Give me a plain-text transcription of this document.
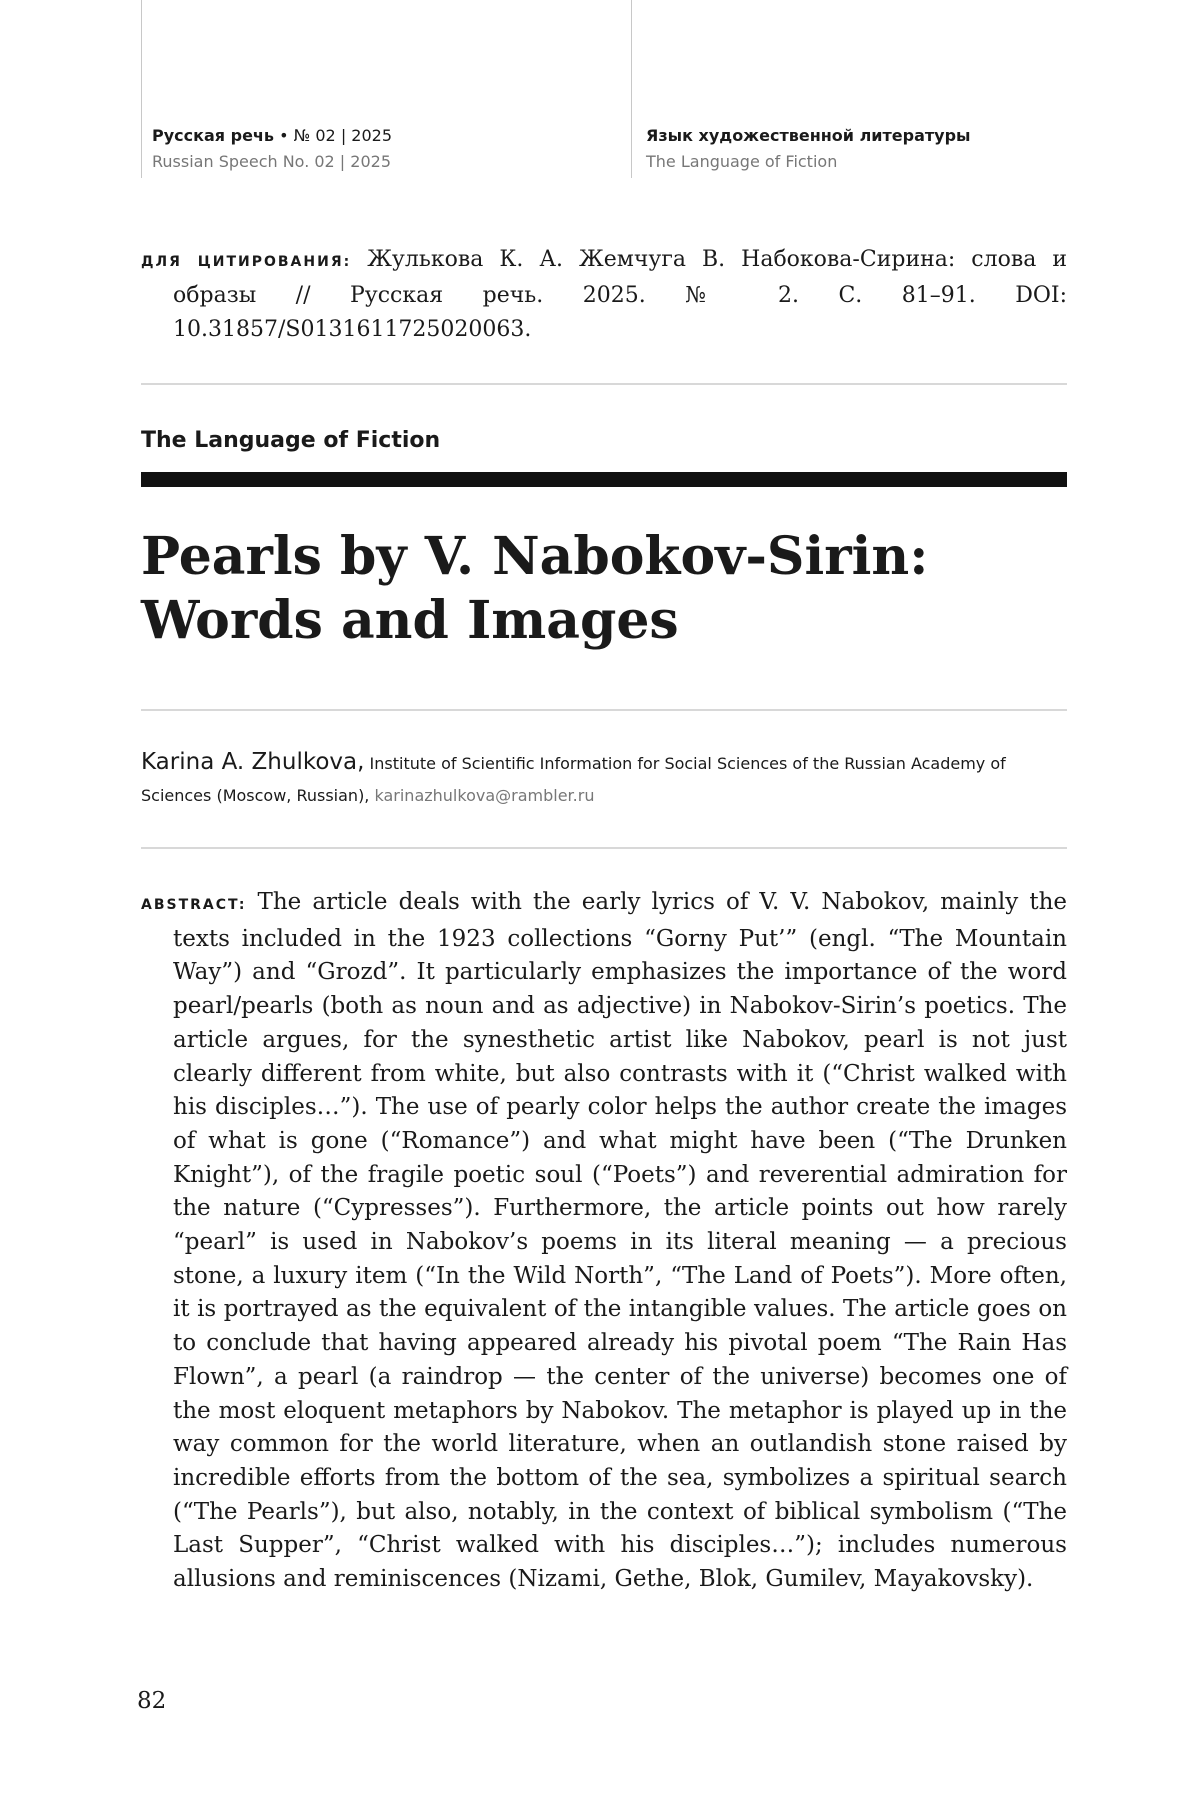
Русская речь • № 02 | 2025
Russian Speech No. 02 | 2025
Язык художественной литературы
The Language of Fiction
ДЛЯ ЦИТИРОВАНИЯ: Жулькова К. А. Жемчуга В. Набокова-Сирина: слова и образы // Русская речь. 2025. № 2. С. 81–91. DOI: 10.31857/S0131611725020063.
The Language of Fiction
Pearls by V. Nabokov-Sirin:
Words and Images
Karina A. Zhulkova, Institute of Scientific Information for Social Sciences of the Russian Academy of Sciences (Moscow, Russian), karinazhulkova@rambler.ru
ABSTRACT: The article deals with the early lyrics of V. V. Nabokov, mainly the texts included in the 1923 collections “Gorny Put’” (engl. “The Mountain Way”) and “Grozd”. It particularly emphasizes the importance of the word pearl/pearls (both as noun and as adjective) in Nabokov-Sirin’s poetics. The article argues, for the synesthetic artist like Nabokov, pearl is not just clearly different from white, but also contrasts with it (“Christ walked with his disciples…”). The use of pearly color helps the author create the images of what is gone (“Romance”) and what might have been (“The Drunken Knight”), of the fragile poetic soul (“Poets”) and reverential admiration for the nature (“Cypresses”). Furthermore, the article points out how rarely “pearl” is used in Nabokov’s poems in its literal meaning — a precious stone, a luxury item (“In the Wild North”, “The Land of Poets”). More often, it is portrayed as the equivalent of the intangible values. The article goes on to conclude that having appeared already his pivotal poem “The Rain Has Flown”, a pearl (a raindrop — the center of the universe) becomes one of the most eloquent metaphors by Nabokov. The metaphor is played up in the way common for the world literature, when an outlandish stone raised by incredible efforts from the bottom of the sea, symbolizes a spiritual search (“The Pearls”), but also, notably, in the context of biblical symbolism (“The Last Supper”, “Christ walked with his disciples…”); includes numerous allusions and reminiscences (Nizami, Gethe, Blok, Gumilev, Mayakovsky).
82
